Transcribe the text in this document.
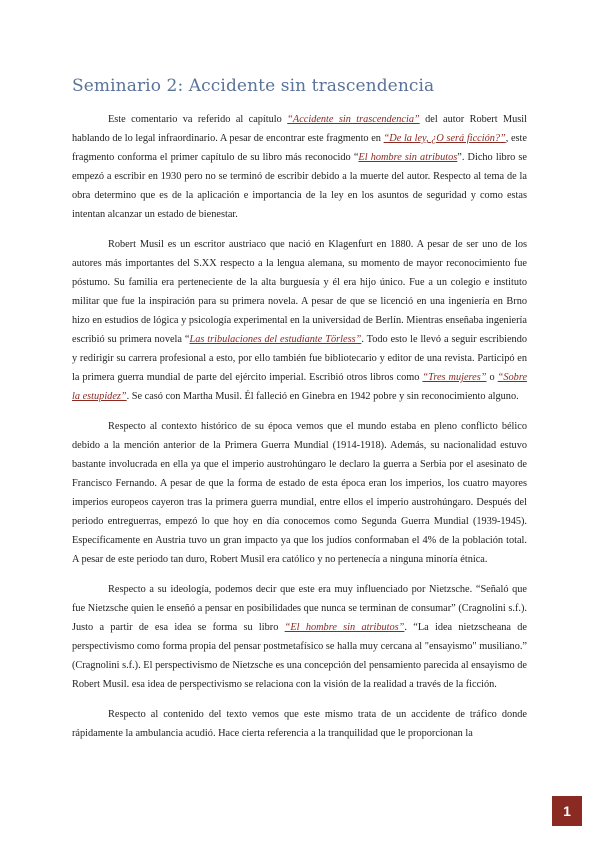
Seminario 2: Accidente sin trascendencia

Este comentario va referido al capítulo “Accidente sin trascendencia” del autor Robert Musil hablando de lo legal infraordinario. A pesar de encontrar este fragmento en “De la ley, ¿O será ficción?”, este fragmento conforma el primer capítulo de su libro más reconocido “El hombre sin atributos”. Dicho libro se empezó a escribir en 1930 pero no se terminó de escribir debido a la muerte del autor. Respecto al tema de la obra determino que es de la aplicación e importancia de la ley en los asuntos de seguridad y como estas intentan alcanzar un estado de bienestar.

Robert Musil es un escritor austriaco que nació en Klagenfurt en 1880. A pesar de ser uno de los autores más importantes del S.XX respecto a la lengua alemana, su momento de mayor reconocimiento fue póstumo. Su familia era perteneciente de la alta burguesía y él era hijo único. Fue a un colegio e instituto militar que fue la inspiración para su primera novela. A pesar de que se licenció en una ingeniería en Brno hizo en estudios de lógica y psicología experimental en la universidad de Berlín. Mientras enseñaba ingeniería escribió su primera novela “Las tribulaciones del estudiante Törless”. Todo esto le llevó a seguir escribiendo y redirigir su carrera profesional a esto, por ello también fue bibliotecario y editor de una revista. Participó en la primera guerra mundial de parte del ejército imperial. Escribió otros libros como “Tres mujeres” o “Sobre la estupidez”. Se casó con Martha Musil. Él falleció en Ginebra en 1942 pobre y sin reconocimiento alguno.

Respecto al contexto histórico de su época vemos que el mundo estaba en pleno conflicto bélico debido a la mención anterior de la Primera Guerra Mundial (1914-1918). Además, su nacionalidad estuvo bastante involucrada en ella ya que el imperio austrohúngaro le declaro la guerra a Serbia por el asesinato de Francisco Fernando. A pesar de que la forma de estado de esta época eran los imperios, los cuatro mayores imperios europeos cayeron tras la primera guerra mundial, entre ellos el imperio austrohúngaro. Después del periodo entreguerras, empezó lo que hoy en día conocemos como Segunda Guerra Mundial (1939-1945). Específicamente en Austria tuvo un gran impacto ya que los judíos conformaban el 4% de la población total. A pesar de este periodo tan duro, Robert Musil era católico y no pertenecía a ninguna minoría étnica.

Respecto a su ideología, podemos decir que este era muy influenciado por Nietzsche. “Señaló que fue Nietzsche quien le enseñó a pensar en posibilidades que nunca se terminan de consumar” (Cragnolini s.f.). Justo a partir de esa idea se forma su libro “El hombre sin atributos”. “La idea nietzscheana de perspectivismo como forma propia del pensar postmetafísico se halla muy cercana al "ensayismo" musiliano.” (Cragnolini s.f.). El perspectivismo de Nietzsche es una concepción del pensamiento parecida al ensayismo de Robert Musil. esa idea de perspectivismo se relaciona con la visión de la realidad a través de la ficción.

Respecto al contenido del texto vemos que este mismo trata de un accidente de tráfico donde rápidamente la ambulancia acudió. Hace cierta referencia a la tranquilidad que le proporcionan la

1
